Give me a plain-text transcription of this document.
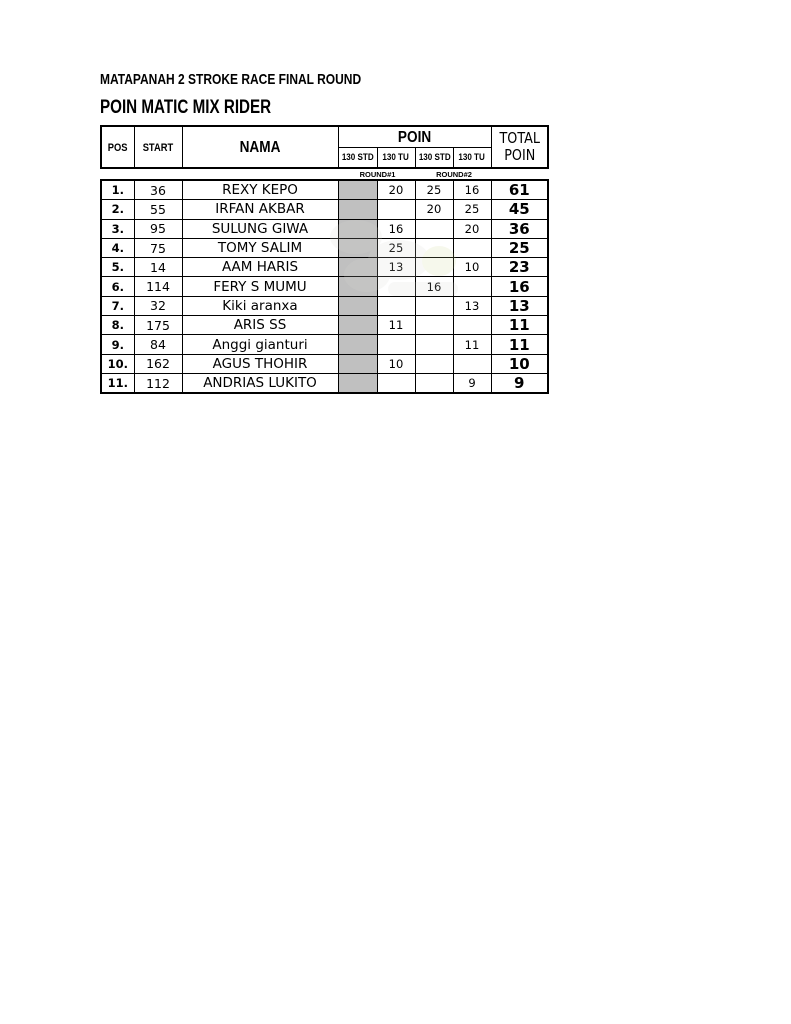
MATAPANAH 2 STROKE RACE FINAL ROUND
POIN MATIC MIX RIDER
POS	START	NAMA	POIN				TOTAL
POIN

			130 STD	130 TU	130 STD	130 TU	
ROUND#1	ROUND#2
1.	36	REXY KEPO		20	25	16	61
2.	55	IRFAN AKBAR			20	25	45
3.	95	SULUNG GIWA		16		20	36
4.	75	TOMY SALIM		25			25
5.	14	AAM HARIS		13		10	23
6.	114	FERY S MUMU			16		16
7.	32	Kiki aranxa				13	13
8.	175	ARIS SS		11			11
9.	84	Anggi gianturi				11	11
10.	162	AGUS THOHIR		10			10
11.	112	ANDRIAS LUKITO				9	9
